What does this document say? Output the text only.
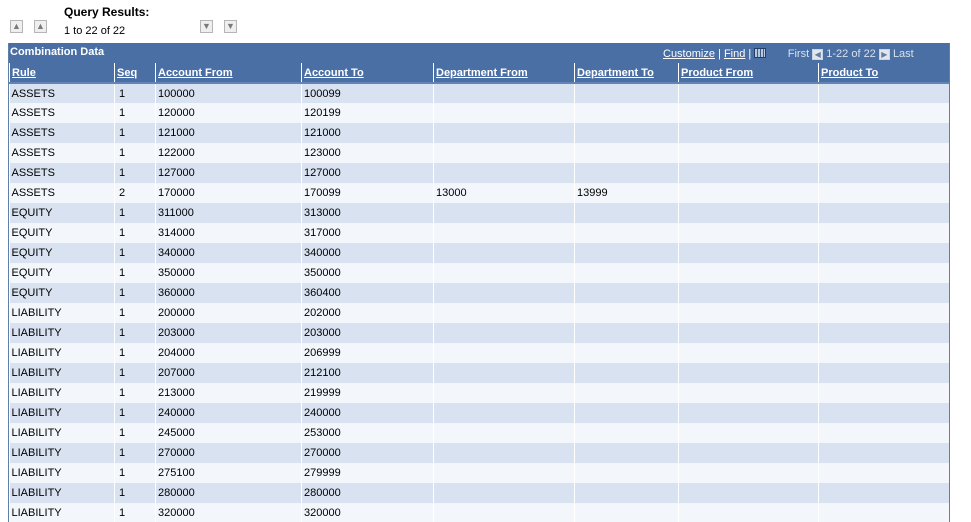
▲ ▲
Query Results:
1 to 22 of 22	▼ ▼
Combination Data	Customize | Find |	First ◀ 1-22 of 22 ▶ Last
Rule	Seq	Account From	Account To	Department From	Department To	Product From	Product To
ASSETS	1	100000	100099				
ASSETS	1	120000	120199				
ASSETS	1	121000	121000				
ASSETS	1	122000	123000				
ASSETS	1	127000	127000				
ASSETS	2	170000	170099	13000	13999		
EQUITY	1	311000	313000				
EQUITY	1	314000	317000				
EQUITY	1	340000	340000				
EQUITY	1	350000	350000				
EQUITY	1	360000	360400				
LIABILITY	1	200000	202000				
LIABILITY	1	203000	203000				
LIABILITY	1	204000	206999				
LIABILITY	1	207000	212100				
LIABILITY	1	213000	219999				
LIABILITY	1	240000	240000				
LIABILITY	1	245000	253000				
LIABILITY	1	270000	270000				
LIABILITY	1	275100	279999				
LIABILITY	1	280000	280000				
LIABILITY	1	320000	320000				
